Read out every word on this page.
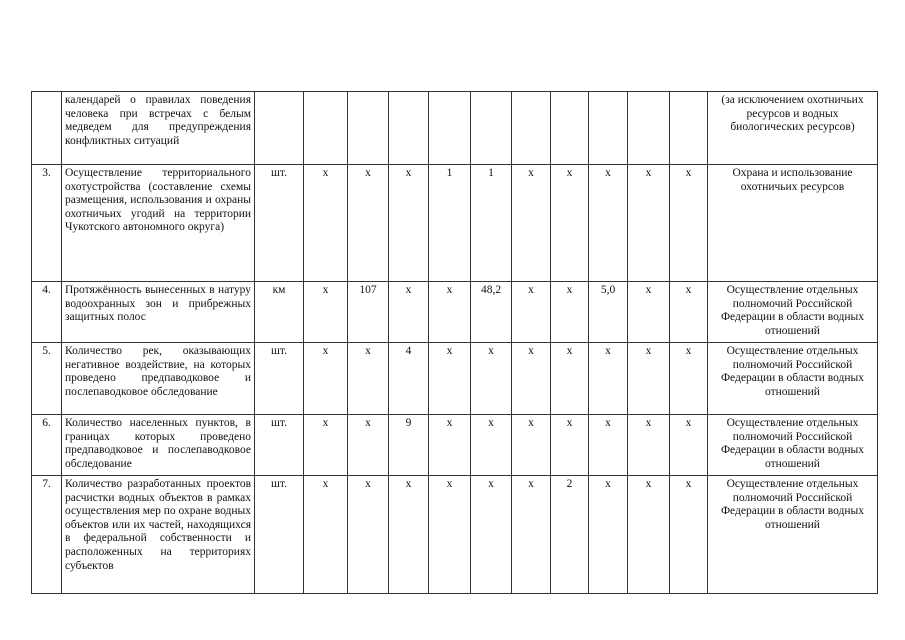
	календарей о правилах поведения человека при встречах с белым медведем для предупреждения конфликтных ситуаций												(за исключением охотничьих ресурсов и водных биологических ресурсов)
3.	Осуществление территориального охотустройства (составление схемы размещения, использования и охраны охотничьих угодий на территории Чукотского автономного округа)	шт.	х	х	х	1	1	х	х	х	х	х	Охрана и использование охотничьих ресурсов
4.	Протяжённость вынесенных в натуру водоохранных зон и прибрежных защитных полос	км	х	107	х	х	48,2	х	х	5,0	х	х	Осуществление отдельных полномочий Российской Федерации в области водных отношений
5.	Количество рек, оказывающих негативное воздействие, на которых проведено предпаводковое и послепаводковое обследование	шт.	х	х	4	х	х	х	х	х	х	х	Осуществление отдельных полномочий Российской Федерации в области водных отношений
6.	Количество населенных пунктов, в границах которых проведено предпаводковое и послепаводковое обследование	шт.	х	х	9	х	х	х	х	х	х	х	Осуществление отдельных полномочий Российской Федерации в области водных отношений
7.	Количество разработанных проектов расчистки водных объектов в рамках осуществления мер по охране водных объектов или их частей, находящихся в федеральной собственности и расположенных на территориях субъектов	шт.	х	х	х	х	х	х	2	х	х	х	Осуществление отдельных полномочий Российской Федерации в области водных отношений
